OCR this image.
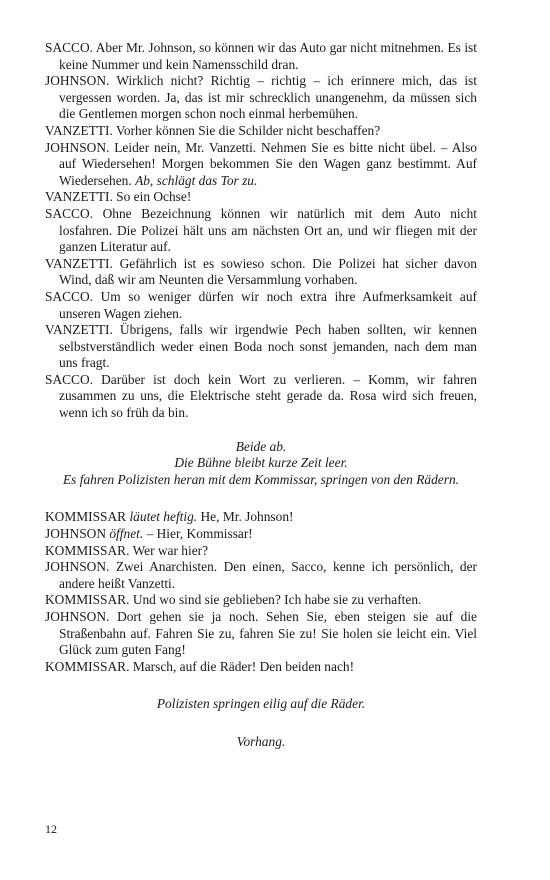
SACCO. Aber Mr. Johnson, so können wir das Auto gar nicht mitnehmen. Es ist keine Nummer und kein Namensschild dran.

JOHNSON. Wirklich nicht? Richtig – richtig – ich erinnere mich, das ist vergessen worden. Ja, das ist mir schrecklich unangenehm, da müssen sich die Gentlemen morgen schon noch einmal herbemühen.

VANZETTI. Vorher können Sie die Schilder nicht beschaffen?

JOHNSON. Leider nein, Mr. Vanzetti. Nehmen Sie es bitte nicht übel. – Also auf Wiedersehen! Morgen bekommen Sie den Wagen ganz bestimmt. Auf Wiedersehen. Ab, schlägt das Tor zu.

VANZETTI. So ein Ochse!

SACCO. Ohne Bezeichnung können wir natürlich mit dem Auto nicht losfahren. Die Polizei hält uns am nächsten Ort an, und wir fliegen mit der ganzen Literatur auf.

VANZETTI. Gefährlich ist es sowieso schon. Die Polizei hat sicher davon Wind, daß wir am Neunten die Versammlung vorhaben.

SACCO. Um so weniger dürfen wir noch extra ihre Aufmerksamkeit auf unseren Wagen ziehen.

VANZETTI. Übrigens, falls wir irgendwie Pech haben sollten, wir kennen selbstverständlich weder einen Boda noch sonst jemanden, nach dem man uns fragt.

SACCO. Darüber ist doch kein Wort zu verlieren. – Komm, wir fahren zusammen zu uns, die Elektrische steht gerade da. Rosa wird sich freuen, wenn ich so früh da bin.

Beide ab.

Die Bühne bleibt kurze Zeit leer.

Es fahren Polizisten heran mit dem Kommissar, springen von den Rädern.

KOMMISSAR läutet heftig. He, Mr. Johnson!

JOHNSON öffnet. – Hier, Kommissar!

KOMMISSAR. Wer war hier?

JOHNSON. Zwei Anarchisten. Den einen, Sacco, kenne ich persönlich, der andere heißt Vanzetti.

KOMMISSAR. Und wo sind sie geblieben? Ich habe sie zu verhaften.

JOHNSON. Dort gehen sie ja noch. Sehen Sie, eben steigen sie auf die Straßenbahn auf. Fahren Sie zu, fahren Sie zu! Sie holen sie leicht ein. Viel Glück zum guten Fang!

KOMMISSAR. Marsch, auf die Räder! Den beiden nach!

Polizisten springen eilig auf die Räder.

Vorhang.

12
